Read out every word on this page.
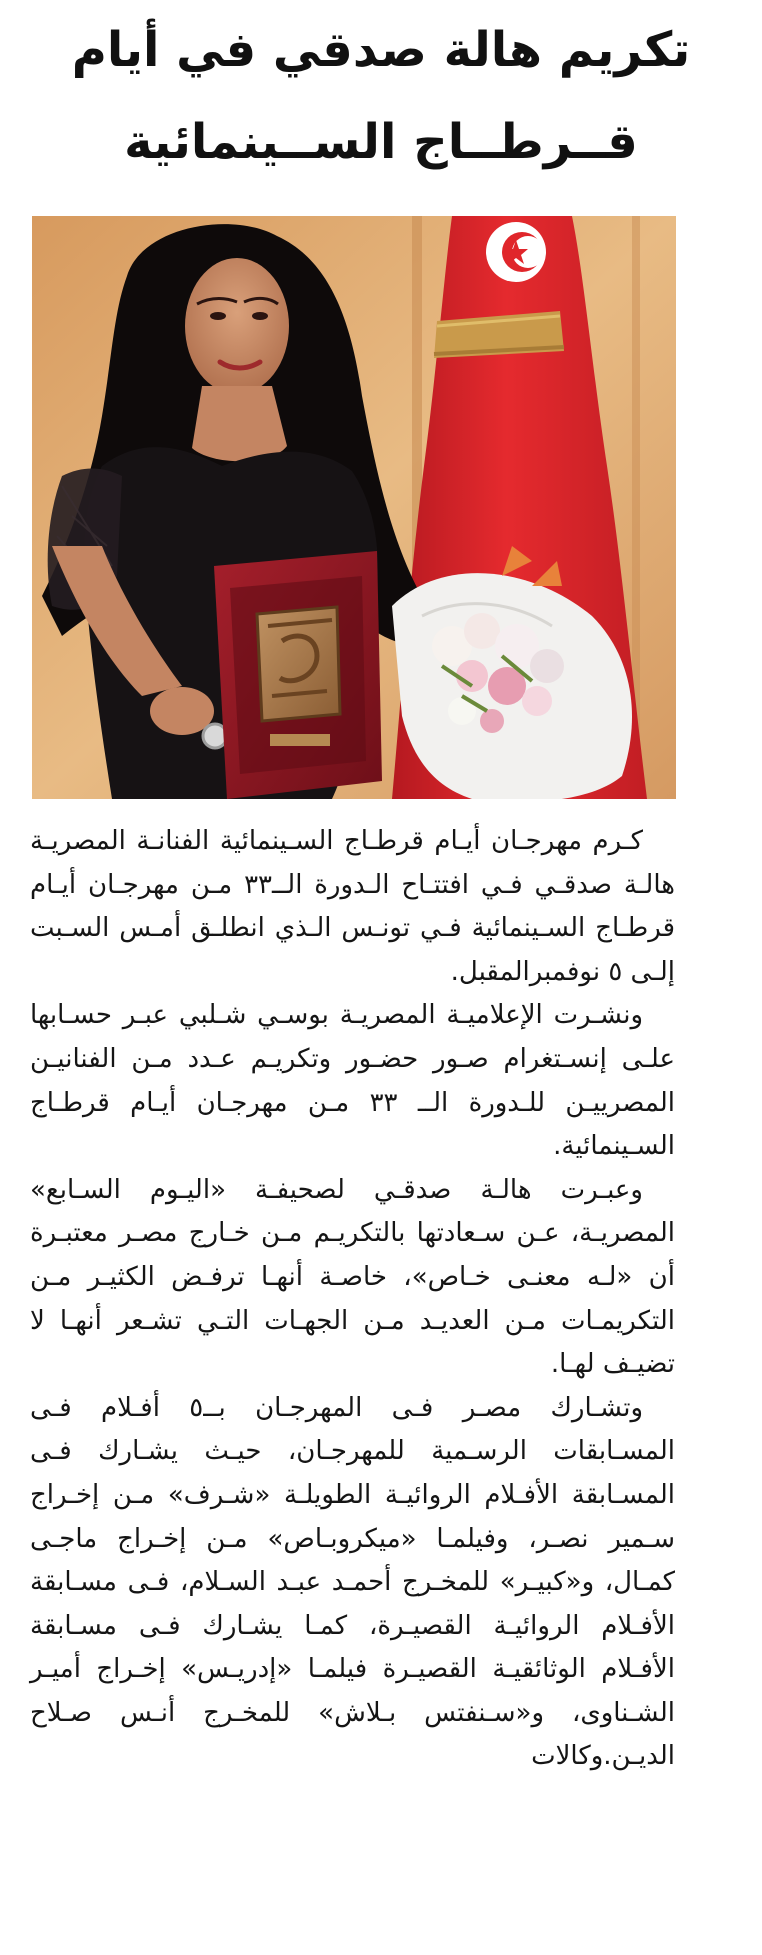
تكريم هالة صدقي في أيام
قــرطــاج الســينمائية

كـرم مهرجـان أيـام قرطـاج السـينمائية الفنانـة المصريـة هالـة صدقـي فـي افتتـاح الـدورة الــ٣٣ مـن مهرجـان أيـام قرطـاج السـينمائية فـي تونـس الـذي انطلـق أمـس السـبت إلـى ٥ نوفمبرالمقبل.

ونشـرت الإعلاميـة المصريـة بوسـي شـلبي عبـر حسـابها علـى إنسـتغرام صـور حضـور وتكريـم عـدد مـن الفنانيـن المصرييـن للـدورة الــ ٣٣ مـن مهرجـان أيـام قرطـاج السـينمائية.

وعبـرت هالـة صدقـي لصحيفـة «اليـوم السـابع» المصريـة، عـن سـعادتها بالتكريـم مـن خـارج مصـر معتبـرة أن «لـه معنـى خـاص»، خاصـة أنهـا ترفـض الكثيـر مـن التكريمـات مـن العديـد مـن الجهـات التـي تشـعر أنهـا لا تضيـف لهـا.

وتشـارك مصـر فـى المهرجـان بــ٥ أفـلام فـى المسـابقات الرسـمية للمهرجـان، حيـث يشـارك فـى المسـابقة الأفـلام الروائيـة الطويلـة «شـرف» مـن إخـراج سـمير نصـر، وفيلمـا «ميكروبـاص» مـن إخـراج ماجـى كمـال، و«كبيـر» للمخـرج أحمـد عبـد السـلام، فـى مسـابقة الأفـلام الروائيـة القصيـرة، كمـا يشـارك فـى مسـابقة الأفـلام الوثائقيـة القصيـرة فيلمـا «إدريـس» إخـراج أميـر الشـناوى، و«سـنفتس بـلاش» للمخـرج أنـس صـلاح الديـن.وكالات
